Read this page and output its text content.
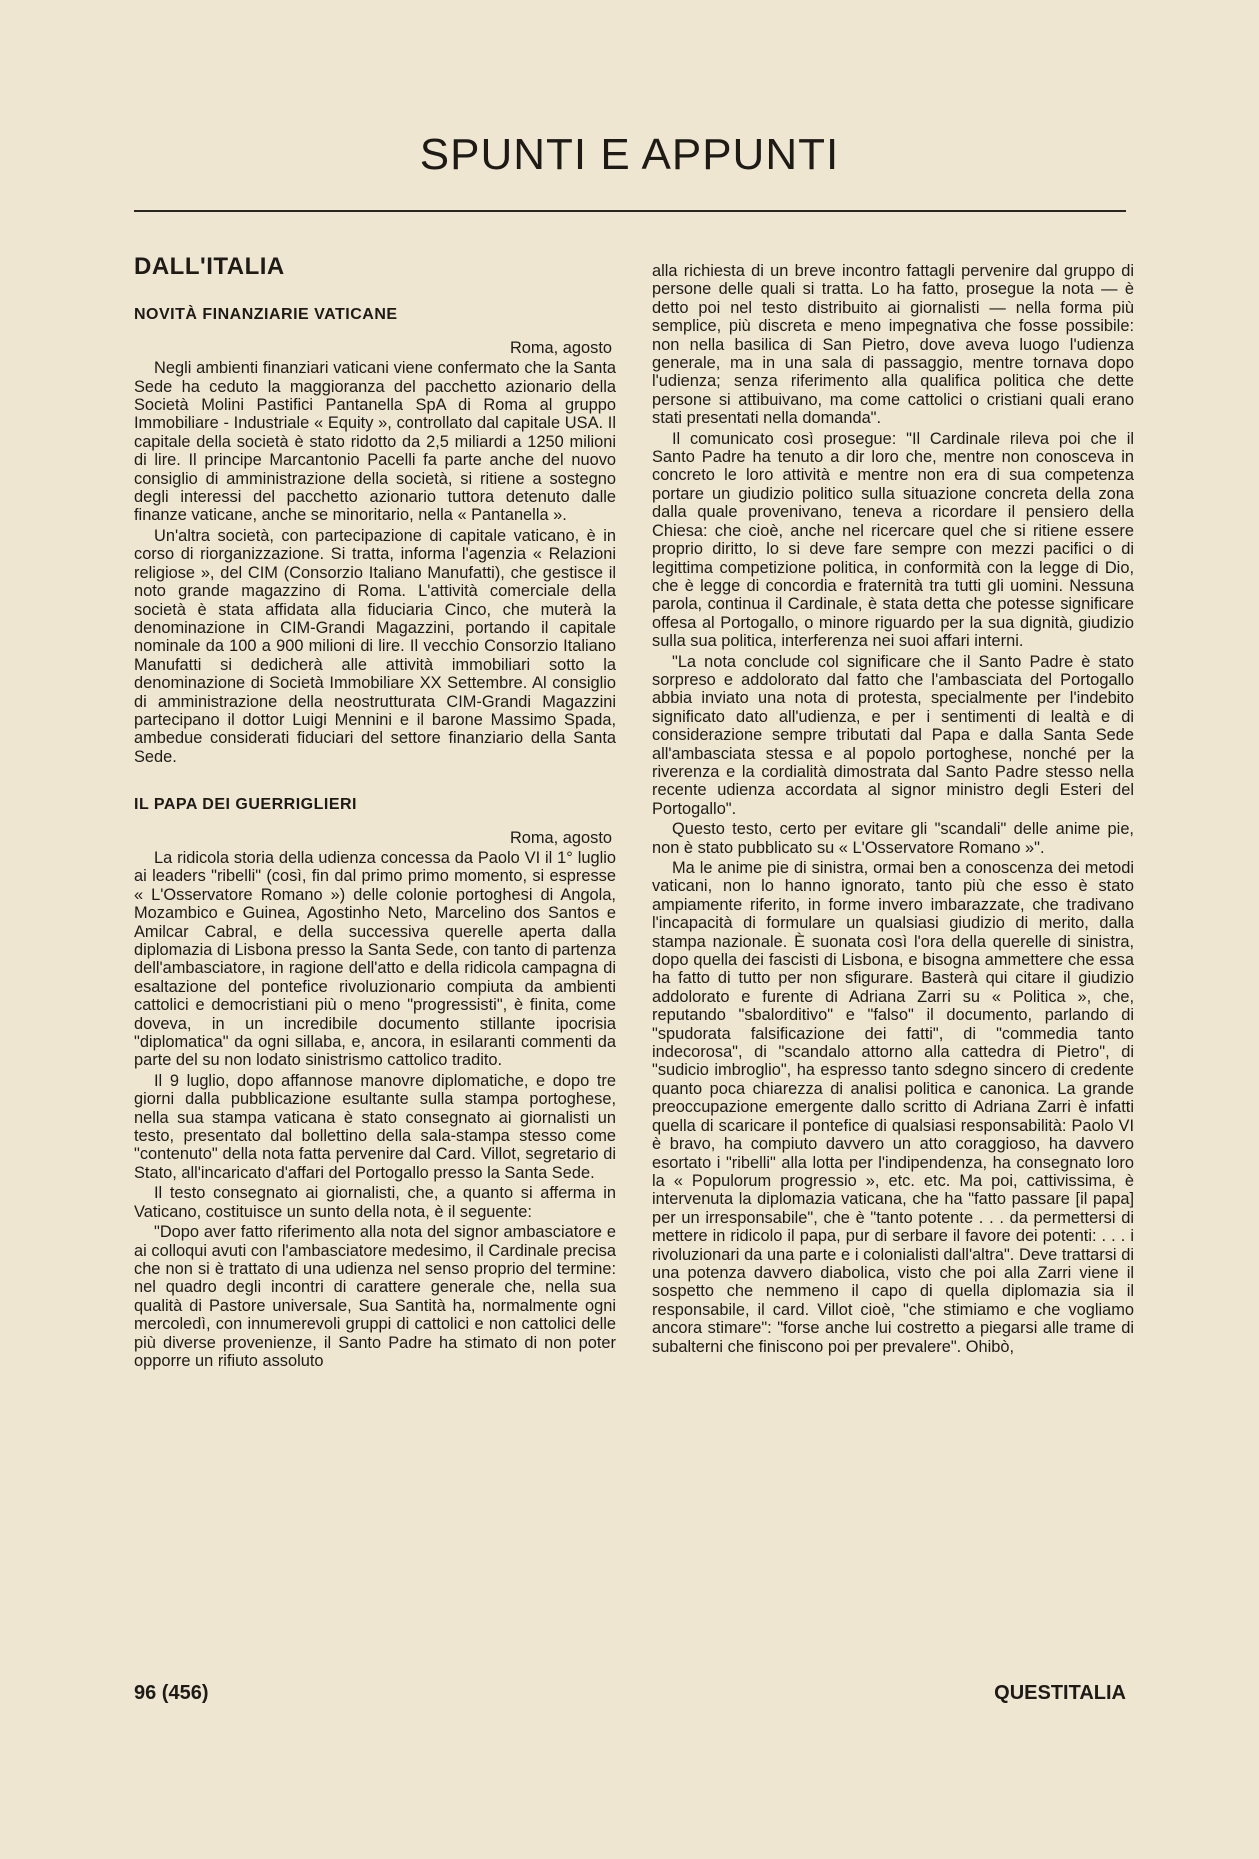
SPUNTI E APPUNTI
DALL'ITALIA
NOVITÀ FINANZIARIE VATICANE
Roma, agosto

Negli ambienti finanziari vaticani viene confermato che la Santa Sede ha ceduto la maggioranza del pacchetto azionario della Società Molini Pastifici Pantanella SpA di Roma al gruppo Immobiliare - Industriale « Equity », controllato dal capitale USA. Il capitale della società è stato ridotto da 2,5 miliardi a 1250 milioni di lire. Il principe Marcantonio Pacelli fa parte anche del nuovo consiglio di amministrazione della società, si ritiene a sostegno degli interessi del pacchetto azionario tuttora detenuto dalle finanze vaticane, anche se minoritario, nella « Pantanella ».

Un'altra società, con partecipazione di capitale vaticano, è in corso di riorganizzazione. Si tratta, informa l'agenzia « Relazioni religiose », del CIM (Consorzio Italiano Manufatti), che gestisce il noto grande magazzino di Roma. L'attività comerciale della società è stata affidata alla fiduciaria Cinco, che muterà la denominazione in CIM-Grandi Magazzini, portando il capitale nominale da 100 a 900 milioni di lire. Il vecchio Consorzio Italiano Manufatti si dedicherà alle attività immobiliari sotto la denominazione di Società Immobiliare XX Settembre. Al consiglio di amministrazione della neostrutturata CIM-Grandi Magazzini partecipano il dottor Luigi Mennini e il barone Massimo Spada, ambedue considerati fiduciari del settore finanziario della Santa Sede.

IL PAPA DEI GUERRIGLIERI
Roma, agosto

La ridicola storia della udienza concessa da Paolo VI il 1° luglio ai leaders "ribelli" (così, fin dal primo primo momento, si espresse « L'Osservatore Romano ») delle colonie portoghesi di Angola, Mozambico e Guinea, Agostinho Neto, Marcelino dos Santos e Amilcar Cabral, e della successiva querelle aperta dalla diplomazia di Lisbona presso la Santa Sede, con tanto di partenza dell'ambasciatore, in ragione dell'atto e della ridicola campagna di esaltazione del pontefice rivoluzionario compiuta da ambienti cattolici e democristiani più o meno "progressisti", è finita, come doveva, in un incredibile documento stillante ipocrisia "diplomatica" da ogni sillaba, e, ancora, in esilaranti commenti da parte del su non lodato sinistrismo cattolico tradito.

Il 9 luglio, dopo affannose manovre diplomatiche, e dopo tre giorni dalla pubblicazione esultante sulla stampa portoghese, nella sua stampa vaticana è stato consegnato ai giornalisti un testo, presentato dal bollettino della sala-stampa stesso come "contenuto" della nota fatta pervenire dal Card. Villot, segretario di Stato, all'incaricato d'affari del Portogallo presso la Santa Sede.

Il testo consegnato ai giornalisti, che, a quanto si afferma in Vaticano, costituisce un sunto della nota, è il seguente:

"Dopo aver fatto riferimento alla nota del signor ambasciatore e ai colloqui avuti con l'ambasciatore medesimo, il Cardinale precisa che non si è trattato di una udienza nel senso proprio del termine: nel quadro degli incontri di carattere generale che, nella sua qualità di Pastore universale, Sua Santità ha, normalmente ogni mercoledì, con innumerevoli gruppi di cattolici e non cattolici delle più diverse provenienze, il Santo Padre ha stimato di non poter opporre un rifiuto assoluto

alla richiesta di un breve incontro fattagli pervenire dal gruppo di persone delle quali si tratta. Lo ha fatto, prosegue la nota — è detto poi nel testo distribuito ai giornalisti — nella forma più semplice, più discreta e meno impegnativa che fosse possibile: non nella basilica di San Pietro, dove aveva luogo l'udienza generale, ma in una sala di passaggio, mentre tornava dopo l'udienza; senza riferimento alla qualifica politica che dette persone si attibuivano, ma come cattolici o cristiani quali erano stati presentati nella domanda".

Il comunicato così prosegue: "Il Cardinale rileva poi che il Santo Padre ha tenuto a dir loro che, mentre non conosceva in concreto le loro attività e mentre non era di sua competenza portare un giudizio politico sulla situazione concreta della zona dalla quale provenivano, teneva a ricordare il pensiero della Chiesa: che cioè, anche nel ricercare quel che si ritiene essere proprio diritto, lo si deve fare sempre con mezzi pacifici o di legittima competizione politica, in conformità con la legge di Dio, che è legge di concordia e fraternità tra tutti gli uomini. Nessuna parola, continua il Cardinale, è stata detta che potesse significare offesa al Portogallo, o minore riguardo per la sua dignità, giudizio sulla sua politica, interferenza nei suoi affari interni.

"La nota conclude col significare che il Santo Padre è stato sorpreso e addolorato dal fatto che l'ambasciata del Portogallo abbia inviato una nota di protesta, specialmente per l'indebito significato dato all'udienza, e per i sentimenti di lealtà e di considerazione sempre tributati dal Papa e dalla Santa Sede all'ambasciata stessa e al popolo portoghese, nonché per la riverenza e la cordialità dimostrata dal Santo Padre stesso nella recente udienza accordata al signor ministro degli Esteri del Portogallo".

Questo testo, certo per evitare gli "scandali" delle anime pie, non è stato pubblicato su « L'Osservatore Romano »".

Ma le anime pie di sinistra, ormai ben a conoscenza dei metodi vaticani, non lo hanno ignorato, tanto più che esso è stato ampiamente riferito, in forme invero imbarazzate, che tradivano l'incapacità di formulare un qualsiasi giudizio di merito, dalla stampa nazionale. È suonata così l'ora della querelle di sinistra, dopo quella dei fascisti di Lisbona, e bisogna ammettere che essa ha fatto di tutto per non sfigurare. Basterà qui citare il giudizio addolorato e furente di Adriana Zarri su « Politica », che, reputando "sbalorditivo" e "falso" il documento, parlando di "spudorata falsificazione dei fatti", di "commedia tanto indecorosa", di "scandalo attorno alla cattedra di Pietro", di "sudicio imbroglio", ha espresso tanto sdegno sincero di credente quanto poca chiarezza di analisi politica e canonica. La grande preoccupazione emergente dallo scritto di Adriana Zarri è infatti quella di scaricare il pontefice di qualsiasi responsabilità: Paolo VI è bravo, ha compiuto davvero un atto coraggioso, ha davvero esortato i "ribelli" alla lotta per l'indipendenza, ha consegnato loro la « Populorum progressio », etc. etc. Ma poi, cattivissima, è intervenuta la diplomazia vaticana, che ha "fatto passare [il papa] per un irresponsabile", che è "tanto potente . . . da permettersi di mettere in ridicolo il papa, pur di serbare il favore dei potenti: . . . i rivoluzionari da una parte e i colonialisti dall'altra". Deve trattarsi di una potenza davvero diabolica, visto che poi alla Zarri viene il sospetto che nemmeno il capo di quella diplomazia sia il responsabile, il card. Villot cioè, "che stimiamo e che vogliamo ancora stimare": "forse anche lui costretto a piegarsi alle trame di subalterni che finiscono poi per prevalere". Ohibò,

96 (456)	QUESTITALIA
